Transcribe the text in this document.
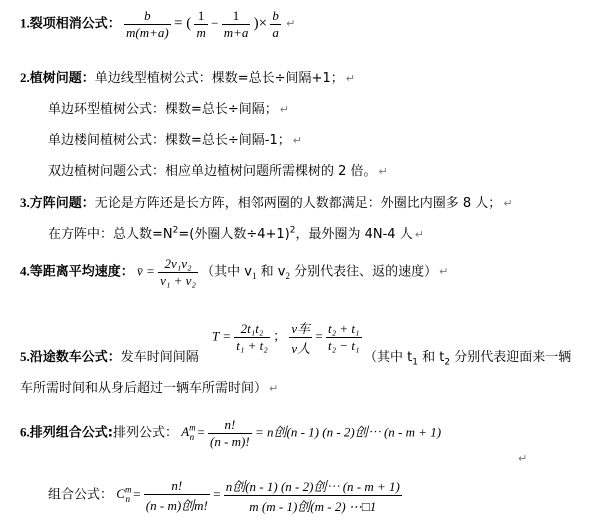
1.裂项相消公式： $\frac{b}{m(m+a)}$ = ( $\frac{1}{m} - \frac{1}{m+a}$ )× $\frac{b}{a}$ ↵
2.植树问题：单边线型植树公式：棵数=总长÷间隔+1； ↵
单边环型植树公式：棵数=总长÷间隔； ↵
单边楼间植树公式：棵数=总长÷间隔-1； ↵
双边植树问题公式：相应单边植树问题所需棵树的 2 倍。 ↵
3.方阵问题：无论是方阵还是长方阵，相邻两圈的人数都满足：外圈比内圈多 8 人； ↵
在方阵中：总人数$=N^2=$(外圈人数÷4+1)$^2$，最外圈为 4N-4 人 ↵
4.等距离平均速度： v̄ = $\frac{\text{2v₁v₂}}{\text{v₁ + v₂}}$ （其中 $v_1$ 和 $v_2$ 分别代表往、返的速度） ↵
$T = \frac{\text{2t₁t₂}}{\text{t₁ + t₂}}$ ； $\frac{\text{v车}}{\text{v人}} = \frac{\text{t₂ + t₁}}{\text{t₂ − t₁}}$
5.沿途数车公式：发车时间间隔	（其中 $t_1$ 和 $t_2$ 分别代表迎面来一辆
车所需时间和从身后超过一辆车所需时间） ↵
6.排列组合公式:排列公式： $A^m_n = \frac{n!}{(n - m)!} = n$创(n - 1) (n - 2)创⋯ (n - m + 1)
↵
组合公式： $C^m_n = \frac{n!}{\text{(n - m)创m!}} = \frac{\text{n创(n - 1) (n - 2)创⋯ (n - m + 1)}}{\text{m (m - 1)创(m - 2) ⋯□1}}$
